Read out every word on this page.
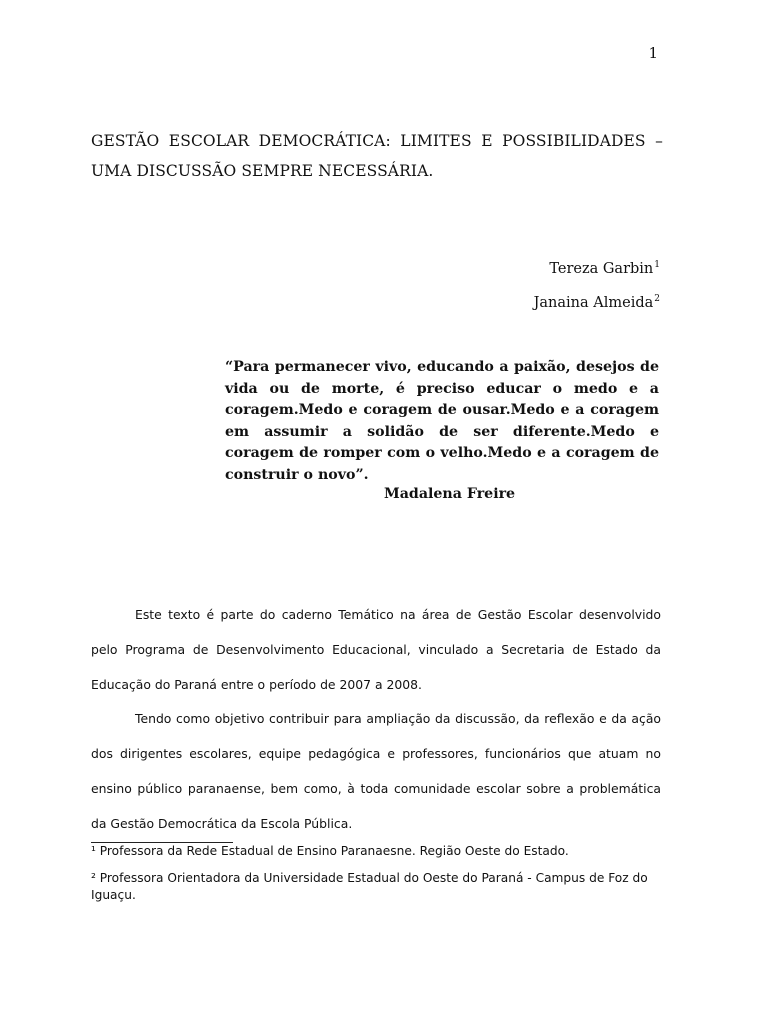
1
GESTÃO ESCOLAR DEMOCRÁTICA: LIMITES E POSSIBILIDADES –
UMA DISCUSSÃO SEMPRE NECESSÁRIA.
Tereza Garbin$^1$
Janaina Almeida$^2$
“Para permanecer vivo, educando a paixão, desejos de vida ou de morte, é preciso educar o medo e a coragem.Medo e coragem de ousar.Medo e a coragem em assumir a solidão de ser diferente.Medo e coragem de romper com o velho.Medo e a coragem de construir o novo”.
Madalena Freire

Este texto é parte do caderno Temático na área de Gestão Escolar desenvolvido pelo Programa de Desenvolvimento Educacional, vinculado a Secretaria de Estado da Educação do Paraná entre o período de 2007 a 2008.

Tendo como objetivo contribuir para ampliação da discussão, da reflexão e da ação dos dirigentes escolares, equipe pedagógica e professores, funcionários que atuam no ensino público paranaense, bem como, à toda comunidade escolar sobre a problemática da Gestão Democrática da Escola Pública.

¹ Professora da Rede Estadual de Ensino Paranaesne. Região Oeste do Estado.

² Professora Orientadora da Universidade Estadual do Oeste do Paraná - Campus de Foz do Iguaçu.
